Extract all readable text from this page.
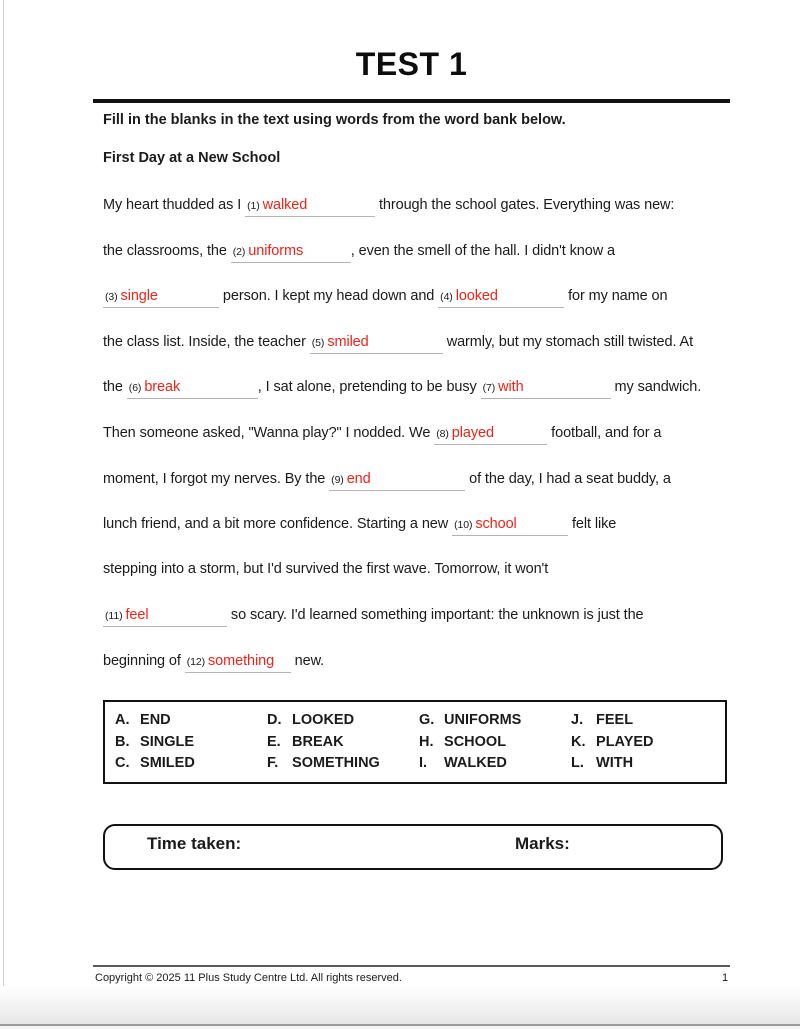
TEST 1
Fill in the blanks in the text using words from the word bank below.
First Day at a New School
My heart thudded as I (1) walked	through the school gates. Everything was new:
the classrooms, the (2) uniforms	, even the smell of the hall. I didn't know a
(3) single	person. I kept my head down and (4) looked	for my name on
the class list. Inside, the teacher (5) smiled	warmly, but my stomach still twisted. At
the (6) break	, I sat alone, pretending to be busy (7) with	my sandwich.
Then someone asked, "Wanna play?" I nodded. We (8) played	football, and for a
moment, I forgot my nerves. By the (9) end	of the day, I had a seat buddy, a
lunch friend, and a bit more confidence. Starting a new (10) school	felt like
stepping into a storm, but I'd survived the first wave. Tomorrow, it won't
(11) feel	so scary. I'd learned something important: the unknown is just the
beginning of (12) something new.
A. END	D. LOOKED	G. UNIFORMS	J. FEEL
B. SINGLE	E. BREAK	H. SCHOOL	K. PLAYED
C. SMILED	F. SOMETHING	I. WALKED	L. WITH
Time taken:	Marks:
Copyright © 2025 11 Plus Study Centre Ltd. All rights reserved.	1
